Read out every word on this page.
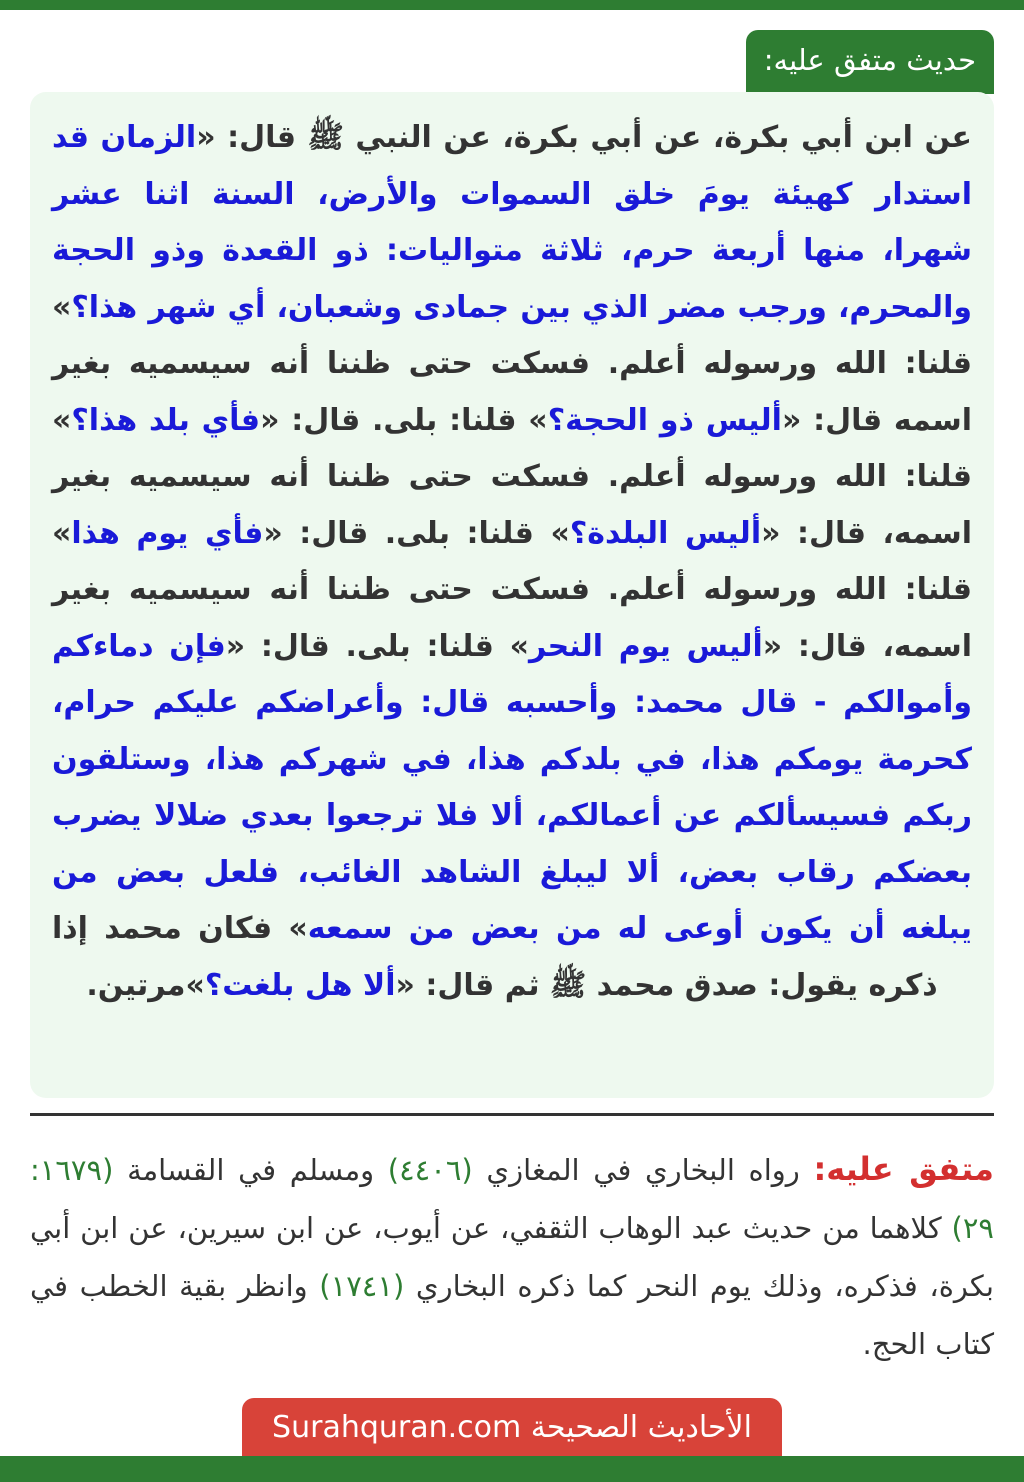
حديث متفق عليه:

عن ابن أبي بكرة، عن أبي بكرة، عن النبي ﷺ قال: «الزمان قد استدار كهيئة يومَ خلق السموات والأرض، السنة اثنا عشر شهرا، منها أربعة حرم، ثلاثة متواليات: ذو القعدة وذو الحجة والمحرم، ورجب مضر الذي بين جمادى وشعبان، أي شهر هذا؟» قلنا: الله ورسوله أعلم. فسكت حتى ظننا أنه سيسميه بغير اسمه قال: «أليس ذو الحجة؟» قلنا: بلى. قال: «فأي بلد هذا؟» قلنا: الله ورسوله أعلم. فسكت حتى ظننا أنه سيسميه بغير اسمه، قال: «أليس البلدة؟» قلنا: بلى. قال: «فأي يوم هذا» قلنا: الله ورسوله أعلم. فسكت حتى ظننا أنه سيسميه بغير اسمه، قال: «أليس يوم النحر» قلنا: بلى. قال: «فإن دماءكم وأموالكم - قال محمد: وأحسبه قال: وأعراضكم عليكم حرام، كحرمة يومكم هذا، في بلدكم هذا، في شهركم هذا، وستلقون ربكم فسيسألكم عن أعمالكم، ألا فلا ترجعوا بعدي ضلالا يضرب بعضكم رقاب بعض، ألا ليبلغ الشاهد الغائب، فلعل بعض من يبلغه أن يكون أوعى له من بعض من سمعه» فكان محمد إذا ذكره يقول: صدق محمد ﷺ ثم قال: «ألا هل بلغت؟»مرتين.

متفق عليه: رواه البخاري في المغازي (٤٤٠٦) ومسلم في القسامة (١٦٧٩: ٢٩) كلاهما من حديث عبد الوهاب الثقفي، عن أيوب، عن ابن سيرين، عن ابن أبي بكرة، فذكره، وذلك يوم النحر كما ذكره البخاري (١٧٤١) وانظر بقية الخطب في كتاب الحج.

الأحاديث الصحيحة Surahquran.com
